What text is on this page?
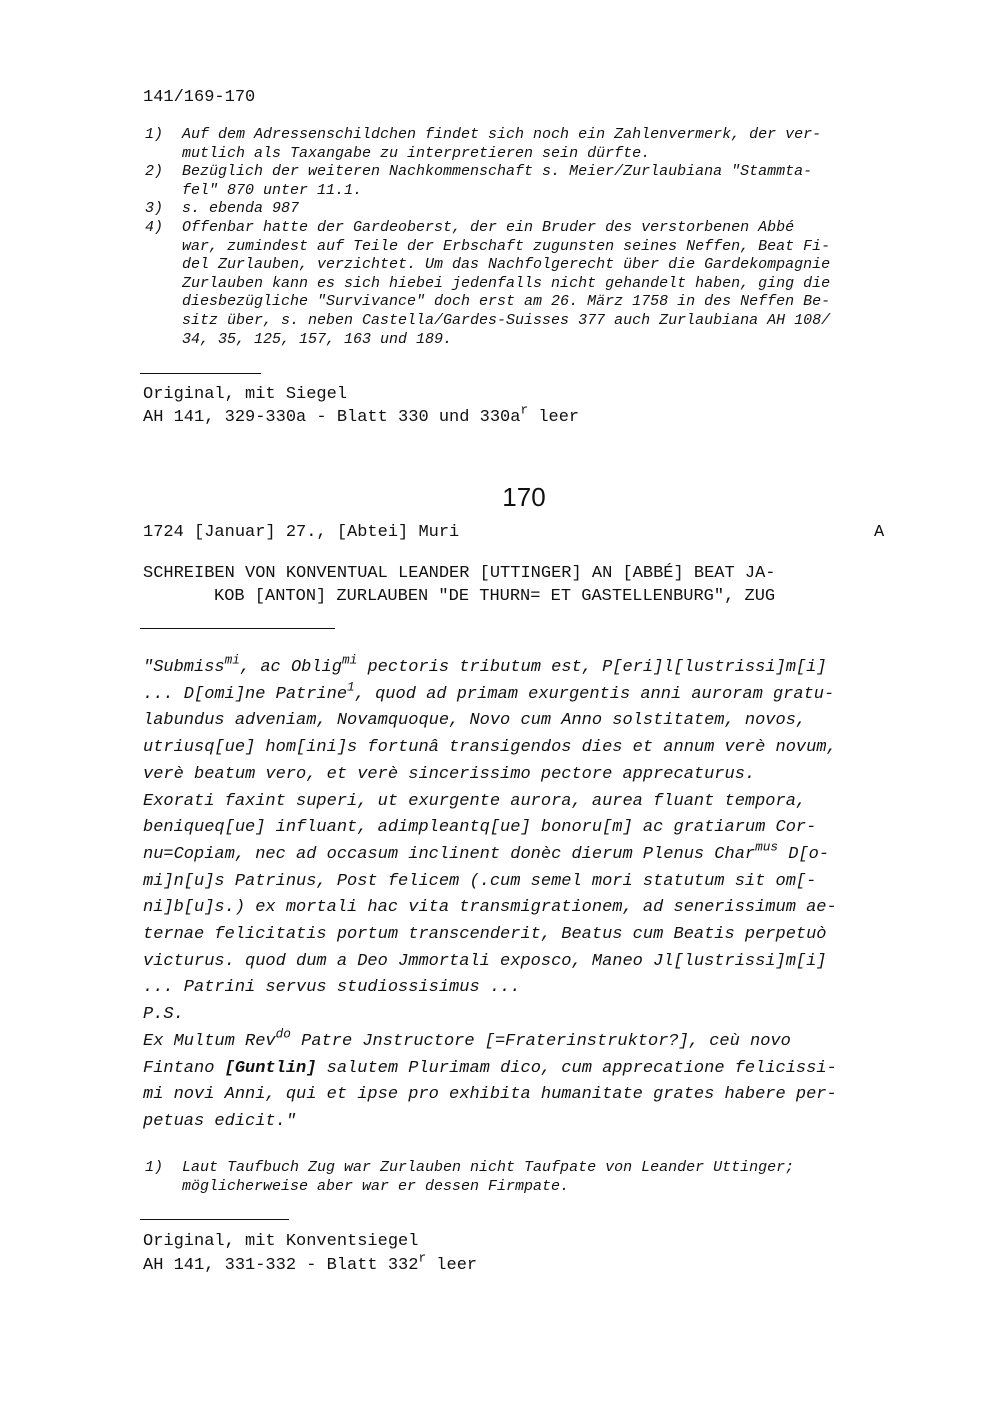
141/169-170
1) Auf dem Adressenschildchen findet sich noch ein Zahlenvermerk, der ver-
mutlich als Taxangabe zu interpretieren sein dürfte.
2) Bezüglich der weiteren Nachkommenschaft s. Meier/Zurlaubiana "Stammta-
fel" 870 unter 11.1.
3) s. ebenda 987
4) Offenbar hatte der Gardeoberst, der ein Bruder des verstorbenen Abbé
war, zumindest auf Teile der Erbschaft zugunsten seines Neffen, Beat Fi-
del Zurlauben, verzichtet. Um das Nachfolgerecht über die Gardekompagnie
Zurlauben kann es sich hiebei jedenfalls nicht gehandelt haben, ging die
diesbezügliche "Survivance" doch erst am 26. März 1758 in des Neffen Be-
sitz über, s. neben Castella/Gardes-Suisses 377 auch Zurlaubiana AH 108/
34, 35, 125, 157, 163 und 189.
Original, mit Siegel
AH 141, 329-330a - Blatt 330 und $330a^r$ leer
170
1724 [Januar] 27., [Abtei] Muri	A
SCHREIBEN VON KONVENTUAL LEANDER [UTTINGER] AN [ABBÉ] BEAT JA-
KOB [ANTON] ZURLAUBEN "DE THURN= ET GASTELLENBURG", ZUG
"Submiss$^{mi}$, ac Oblig$^{mi}$ pectoris tributum est, P[eri]l[lustrissi]m[i]
... D[omi]ne Patrine$^1$, quod ad primam exurgentis anni auroram gratu-
labundus adveniam, Novamquoque, Novo cum Anno solstitatem, novos,
utriusq[ue] hom[ini]s fortunâ transigendos dies et annum verè novum,
verè beatum vero, et verè sincerissimo pectore apprecaturus.
Exorati faxint superi, ut exurgente aurora, aurea fluant tempora,
beniqueq[ue] influant, adimpleantq[ue] bonoru[m] ac gratiarum Cor-
nu=Copiam, nec ad occasum inclinent donèc dierum Plenus Char$^{mus}$ D[o-
mi]n[u]s Patrinus, Post felicem (.cum semel mori statutum sit om[-
ni]b[u]s.) ex mortali hac vita transmigrationem, ad senerissimum ae-
ternae felicitatis portum transcenderit, Beatus cum Beatis perpetuò
victurus. quod dum a Deo Jmmortali exposco, Maneo Jl[lustrissi]m[i]
... Patrini servus studiossisimus ...
P.S.
Ex Multum Rev$^{do}$ Patre Jnstructore [=Fraterinstruktor?], ceù novo
Fintano [Guntlin] salutem Plurimam dico, cum apprecatione felicissi-
mi novi Anni, qui et ipse pro exhibita humanitate grates habere per-
petuas edicit."
1) Laut Taufbuch Zug war Zurlauben nicht Taufpate von Leander Uttinger;
möglicherweise aber war er dessen Firmpate.
Original, mit Konventsiegel
AH 141, 331-332 - Blatt 332$^r$ leer
